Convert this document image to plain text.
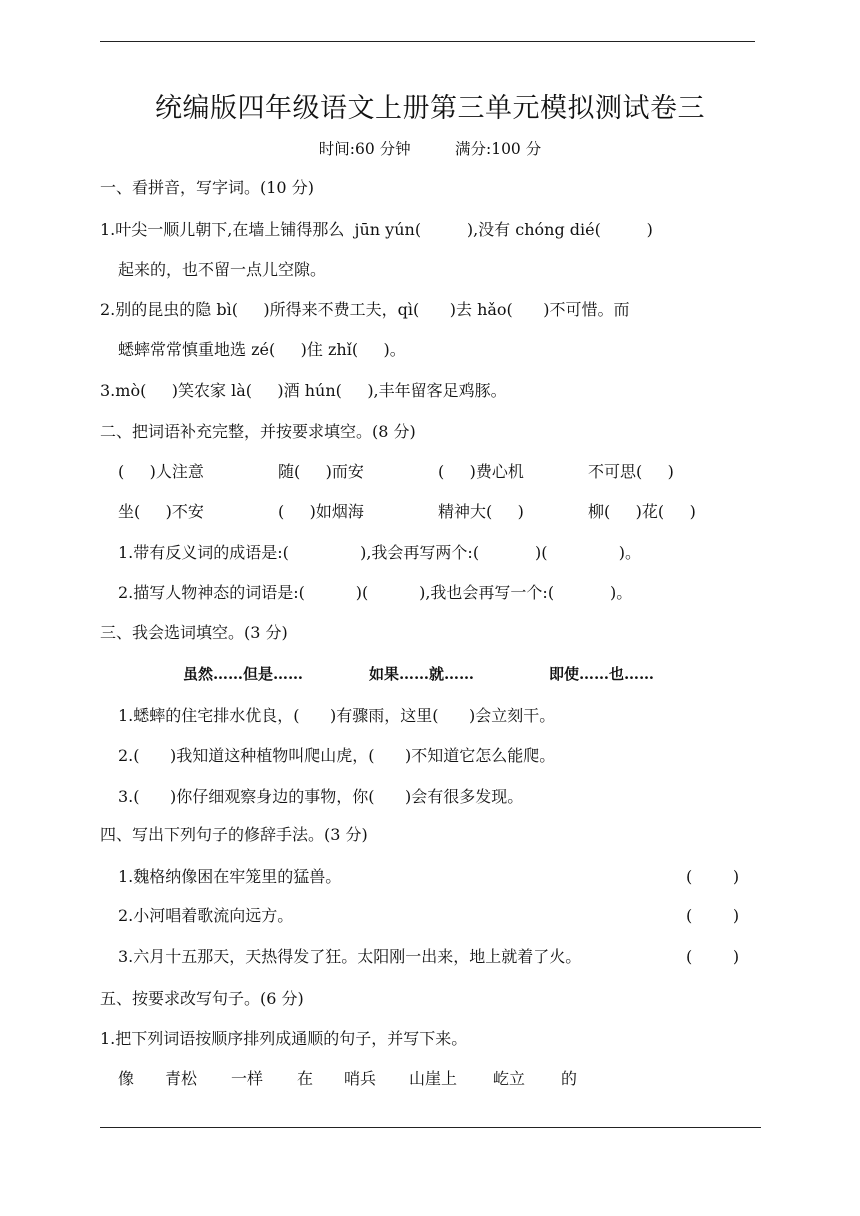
统编版四年级语文上册第三单元模拟测试卷三
时间:60 分钟         满分:100 分
一、看拼音，写字词。(10 分)
1.叶尖一顺儿朝下,在墙上铺得那么  jūn yún(         ),没有 chóng dié(         )
起来的，也不留一点儿空隙。
2.别的昆虫的隐 bì(     )所得来不费工夫，qì(      )去 hǎo(      )不可惜。而
蟋蟀常常慎重地选 zé(     )住 zhǐ(     )。
3.mò(     )笑农家 là(     )酒 hún(     ),丰年留客足鸡豚。
二、把词语补充完整，并按要求填空。(8 分)
(     )人注意	随(     )而安	(     )费心机	不可思(     )
坐(     )不安	(     )如烟海	精神大(     )	柳(     )花(     )
1.带有反义词的成语是:(              ),我会再写两个:(           )(              )。
2.描写人物神态的词语是:(          )(          ),我也会再写一个:(           )。
三、我会选词填空。(3 分)
虽然……但是……	如果……就……	即使……也……
1.蟋蟀的住宅排水优良，(      )有骤雨，这里(      )会立刻干。
2.(      )我知道这种植物叫爬山虎，(      )不知道它怎么能爬。
3.(      )你仔细观察身边的事物，你(      )会有很多发现。
四、写出下列句子的修辞手法。(3 分)
1.魏格纳像困在牢笼里的猛兽。	(        )
2.小河唱着歌流向远方。	(        )
3.六月十五那天，天热得发了狂。太阳刚一出来，地上就着了火。	(        )
五、按要求改写句子。(6 分)
1.把下列词语按顺序排列成通顺的句子，并写下来。
像 青松 一样 在 哨兵 山崖上 屹立 的
